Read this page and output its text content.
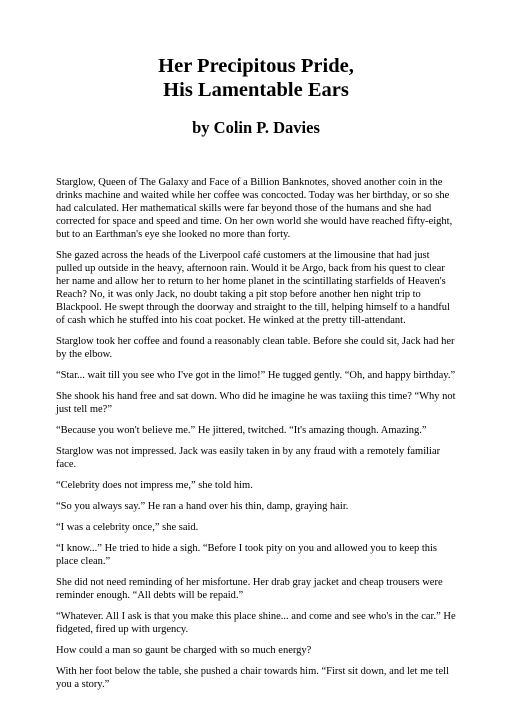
Her Precipitous Pride,
His Lamentable Ears
by Colin P. Davies

Starglow, Queen of The Galaxy and Face of a Billion Banknotes, shoved another coin in the drinks machine and waited while her coffee was concocted. Today was her birthday, or so she had calculated. Her mathematical skills were far beyond those of the humans and she had corrected for space and speed and time. On her own world she would have reached fifty-eight, but to an Earthman's eye she looked no more than forty.

She gazed across the heads of the Liverpool café customers at the limousine that had just pulled up outside in the heavy, afternoon rain. Would it be Argo, back from his quest to clear her name and allow her to return to her home planet in the scintillating starfields of Heaven's Reach? No, it was only Jack, no doubt taking a pit stop before another hen night trip to Blackpool. He swept through the doorway and straight to the till, helping himself to a handful of cash which he stuffed into his coat pocket. He winked at the pretty till-attendant.

Starglow took her coffee and found a reasonably clean table. Before she could sit, Jack had her by the elbow.

“Star... wait till you see who I've got in the limo!” He tugged gently. “Oh, and happy birthday.”

She shook his hand free and sat down. Who did he imagine he was taxiing this time? “Why not just tell me?”

“Because you won't believe me.” He jittered, twitched. “It's amazing though. Amazing.”

Starglow was not impressed. Jack was easily taken in by any fraud with a remotely familiar face.

“Celebrity does not impress me,” she told him.

“So you always say.” He ran a hand over his thin, damp, graying hair.

“I was a celebrity once,” she said.

“I know...” He tried to hide a sigh. “Before I took pity on you and allowed you to keep this place clean.”

She did not need reminding of her misfortune. Her drab gray jacket and cheap trousers were reminder enough. “All debts will be repaid.”

“Whatever. All I ask is that you make this place shine... and come and see who's in the car.” He fidgeted, fired up with urgency.

How could a man so gaunt be charged with so much energy?

With her foot below the table, she pushed a chair towards him. “First sit down, and let me tell you a story.”
